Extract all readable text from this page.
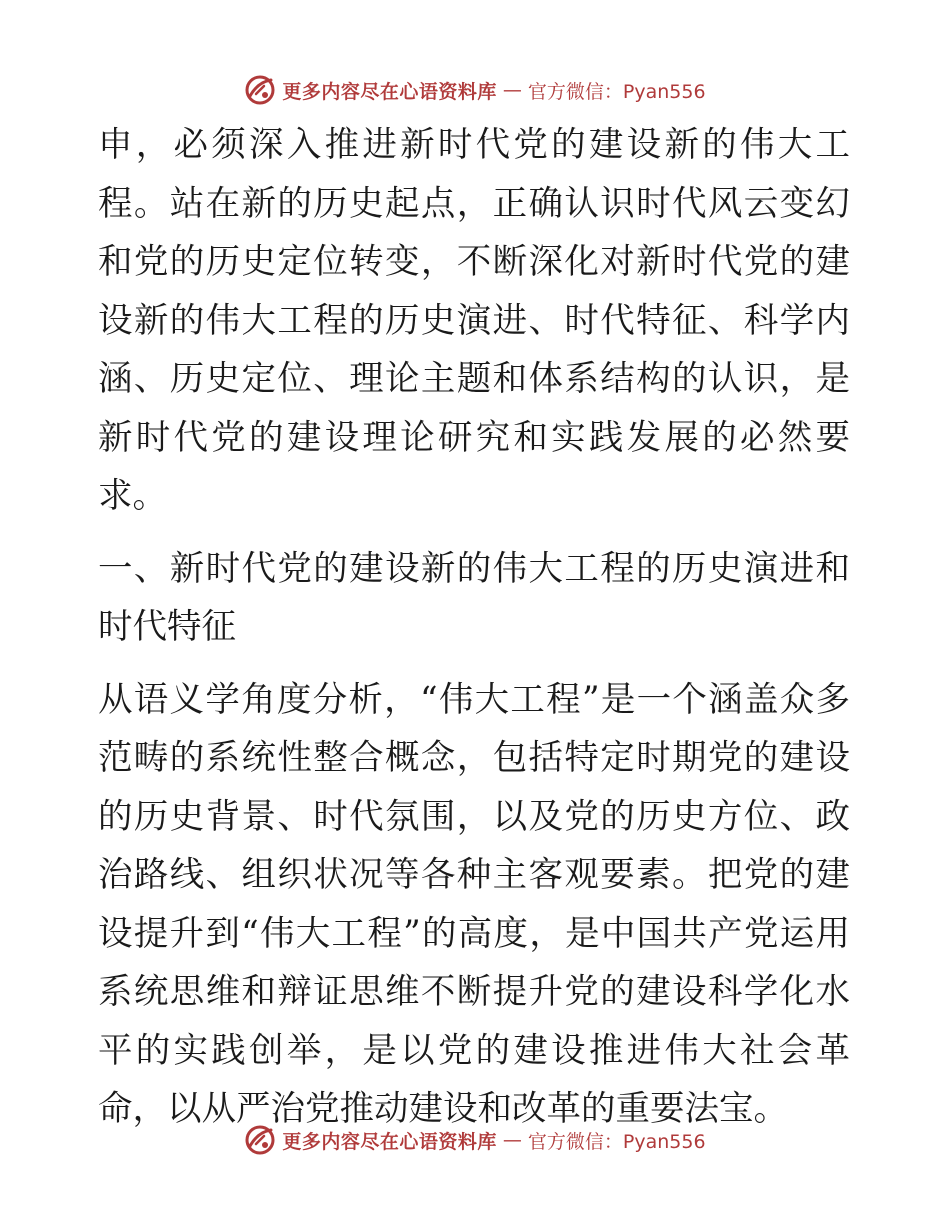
更多内容尽在心语资料库 — 官方微信：Pyan556

申，必须深入推进新时代党的建设新的伟大工程。站在新的历史起点，正确认识时代风云变幻和党的历史定位转变，不断深化对新时代党的建设新的伟大工程的历史演进、时代特征、科学内涵、历史定位、理论主题和体系结构的认识，是新时代党的建设理论研究和实践发展的必然要求。

一、新时代党的建设新的伟大工程的历史演进和时代特征

从语义学角度分析，“伟大工程”是一个涵盖众多范畴的系统性整合概念，包括特定时期党的建设的历史背景、时代氛围，以及党的历史方位、政治路线、组织状况等各种主客观要素。把党的建设提升到“伟大工程”的高度，是中国共产党运用系统思维和辩证思维不断提升党的建设科学化水平的实践创举，是以党的建设推进伟大社会革命，以从严治党推动建设和改革的重要法宝。

更多内容尽在心语资料库 — 官方微信：Pyan556
